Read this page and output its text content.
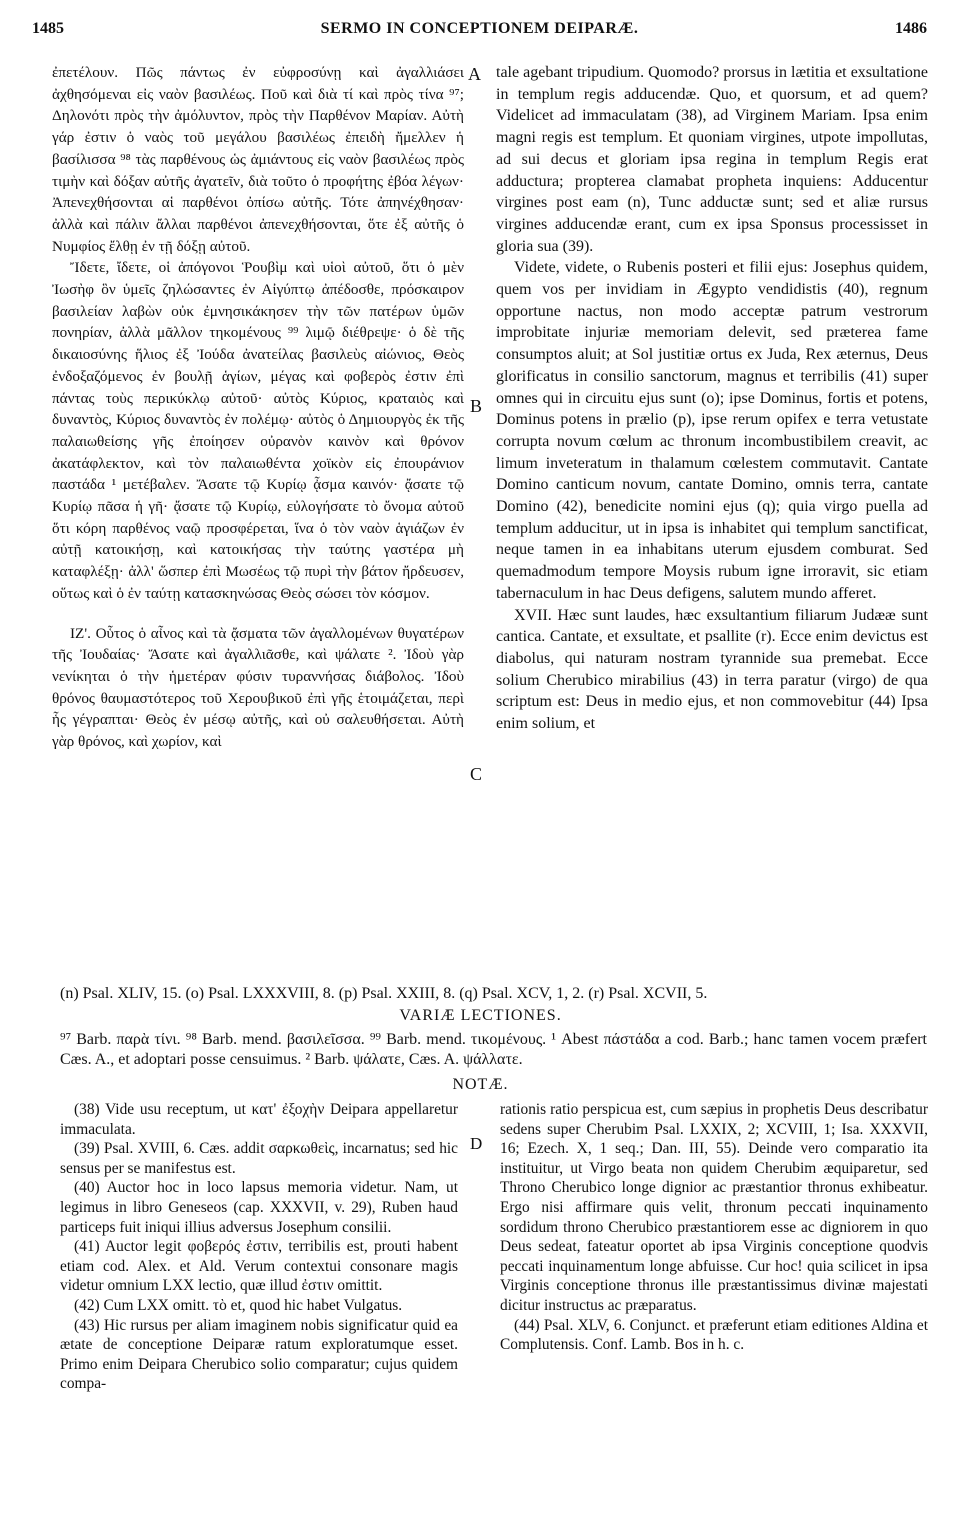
1485	SERMO IN CONCEPTIONEM DEIPARÆ.	1486

ἐπετέλουν. Πῶς πάντως ἐν εὐφροσύνῃ καὶ ἀγαλλιάσει ἀχθησόμεναι εἰς ναὸν βασιλέως. Ποῦ καὶ διὰ τί καὶ πρὸς τίνα ⁹⁷; Δηλονότι πρὸς τὴν ἀμόλυντον, πρὸς τὴν Παρθένον Μαρίαν. Αὐτὴ γάρ ἐστιν ὁ ναὸς τοῦ μεγάλου βασιλέως ἐπειδὴ ἤμελλεν ἡ βασίλισσα ⁹⁸ τὰς παρθένους ὡς ἀμιάντους εἰς ναὸν βασιλέως πρὸς τιμὴν καὶ δόξαν αὐτῆς ἀγατεῖν, διὰ τοῦτο ὁ προφήτης ἐβόα λέγων· Ἀπενεχθήσονται αἱ παρθένοι ὀπίσω αὐτῆς. Τότε ἀπηνέχθησαν· ἀλλὰ καὶ πάλιν ἄλλαι παρθένοι ἀπενεχθήσονται, ὅτε ἐξ αὐτῆς ὁ Νυμφίος ἔλθῃ ἐν τῇ δόξῃ αὐτοῦ.

Ἴδετε, ἴδετε, οἱ ἀπόγονοι Ῥουβὶμ καὶ υἱοὶ αὐτοῦ, ὅτι ὁ μὲν Ἰωσὴφ ὃν ὑμεῖς ζηλώσαντες ἐν Αἰγύπτῳ ἀπέδοσθε, πρόσκαιρον βασιλείαν λαβὼν οὐκ ἐμνησικάκησεν τὴν τῶν πατέρων ὑμῶν πονηρίαν, ἀλλὰ μᾶλλον τηκομένους ⁹⁹ λιμῷ διέθρεψε· ὁ δὲ τῆς δικαιοσύνης ἥλιος ἐξ Ἰούδα ἀνατείλας βασιλεὺς αἰώνιος, Θεὸς ἐνδοξαζόμενος ἐν βουλῇ ἁγίων, μέγας καὶ φοβερὸς ἐστιν ἐπὶ πάντας τοὺς περικύκλῳ αὐτοῦ· αὐτὸς Κύριος, κραταιὸς καὶ δυναντὸς, Κύριος δυναντὸς ἐν πολέμῳ· αὐτὸς ὁ Δημιουργὸς ἐκ τῆς παλαιωθείσης γῆς ἐποίησεν οὐρανὸν καινὸν καὶ θρόνον ἀκατάφλεκτον, καὶ τὸν παλαιωθέντα χοϊκὸν εἰς ἐπουράνιον παστάδα ¹ μετέβαλεν. Ἄσατε τῷ Κυρίῳ ᾆσμα καινόν· ᾄσατε τῷ Κυρίῳ πᾶσα ἡ γῆ· ᾄσατε τῷ Κυρίῳ, εὐλογήσατε τὸ ὄνομα αὐτοῦ ὅτι κόρη παρθένος ναῷ προσφέρεται, ἵνα ὁ τὸν ναὸν ἁγιάζων ἐν αὐτῇ κατοικήσῃ, καὶ κατοικήσας τὴν ταύτης γαστέρα μὴ καταφλέξῃ· ἀλλ' ὥσπερ ἐπὶ Μωσέως τῷ πυρὶ τὴν βάτον ἤρδευσεν, οὕτως καὶ ὁ ἐν ταύτῃ κατασκηνώσας Θεὸς σώσει τὸν κόσμον.

ΙΖ'. Οὗτος ὁ αἶνος καὶ τὰ ᾄσματα τῶν ἀγαλλομένων θυγατέρων τῆς Ἰουδαίας· Ἄσατε καὶ ἀγαλλιᾶσθε, καὶ ψάλατε ². Ἰδοὺ γὰρ νενίκηται ὁ τὴν ἡμετέραν φύσιν τυραννήσας διάβολος. Ἰδοὺ θρόνος θαυμαστότερος τοῦ Χερουβικοῦ ἐπὶ γῆς ἑτοιμάζεται, περὶ ἧς γέγραπται· Θεὸς ἐν μέσῳ αὐτῆς, καὶ οὐ σαλευθήσεται. Αὐτὴ γὰρ θρόνος, καὶ χωρίον, καὶ

A
B
C

tale agebant tripudium. Quomodo? prorsus in lætitia et exsultatione in templum regis adducendæ. Quo, et quorsum, et ad quem? Videlicet ad immaculatam (38), ad Virginem Mariam. Ipsa enim magni regis est templum. Et quoniam virgines, utpote impollutas, ad sui decus et gloriam ipsa regina in templum Regis erat adductura; propterea clamabat propheta inquiens: Adducentur virgines post eam (n), Tunc adductæ sunt; sed et aliæ rursus virgines adducendæ erant, cum ex ipsa Sponsus processisset in gloria sua (39).

Videte, videte, o Rubenis posteri et filii ejus: Josephus quidem, quem vos per invidiam in Ægypto vendidistis (40), regnum opportune nactus, non modo acceptæ patrum vestrorum improbitate injuriæ memoriam delevit, sed præterea fame consumptos aluit; at Sol justitiæ ortus ex Juda, Rex æternus, Deus glorificatus in consilio sanctorum, magnus et terribilis (41) super omnes qui in circuitu ejus sunt (o); ipse Dominus, fortis et potens, Dominus potens in prælio (p), ipse rerum opifex e terra vetustate corrupta novum cœlum ac thronum incombustibilem creavit, ac limum inveteratum in thalamum cœlestem commutavit. Cantate Domino canticum novum, cantate Domino, omnis terra, cantate Domino (42), benedicite nomini ejus (q); quia virgo puella ad templum adducitur, ut in ipsa is inhabitet qui templum sanctificat, neque tamen in ea inhabitans uterum ejusdem comburat. Sed quemadmodum tempore Moysis rubum igne irroravit, sic etiam tabernaculum in hac Deus defigens, salutem mundo afferet.

XVII. Hæc sunt laudes, hæc exsultantium filiarum Judææ sunt cantica. Cantate, et exsultate, et psallite (r). Ecce enim devictus est diabolus, qui naturam nostram tyrannide sua premebat. Ecce solium Cherubico mirabilius (43) in terra paratur (virgo) de qua scriptum est: Deus in medio ejus, et non commovebitur (44) Ipsa enim solium, et

(n) Psal. XLIV, 15. (o) Psal. LXXXVIII, 8. (p) Psal. XXIII, 8. (q) Psal. XCV, 1, 2. (r) Psal. XCVII, 5.
VARIÆ LECTIONES.
⁹⁷ Barb. παρὰ τίνι. ⁹⁸ Barb. mend. βασιλεῖσσα. ⁹⁹ Barb. mend. τικομένους. ¹ Abest πάστάδα a cod. Barb.; hanc tamen vocem præfert Cæs. A., et adoptari posse censuimus. ² Barb. ψάλατε, Cæs. A. ψάλλατε.
NOTÆ.
D

(38) Vide usu receptum, ut κατ' ἐξοχὴν Deipara appellaretur immaculata.

(39) Psal. XVIII, 6. Cæs. addit σαρκωθεὶς, incarnatus; sed hic sensus per se manifestus est.

(40) Auctor hoc in loco lapsus memoria videtur. Nam, ut legimus in libro Geneseos (cap. XXXVII, v. 29), Ruben haud particeps fuit iniqui illius adversus Josephum consilii.

(41) Auctor legit φοβερός ἐστιν, terribilis est, prouti habent etiam cod. Alex. et Ald. Verum contextui consonare magis videtur omnium LXX lectio, quæ illud ἐστιν omittit.

(42) Cum LXX omitt. τὸ et, quod hic habet Vulgatus.

(43) Hic rursus per aliam imaginem nobis significatur quid ea ætate de conceptione Deiparæ ratum exploratumque esset. Primo enim Deipara Cherubico solio comparatur; cujus quidem compa-

rationis ratio perspicua est, cum sæpius in prophetis Deus describatur sedens super Cherubim Psal. LXXIX, 2; XCVIII, 1; Isa. XXXVII, 16; Ezech. X, 1 seq.; Dan. III, 55). Deinde vero comparatio ita instituitur, ut Virgo beata non quidem Cherubim æquiparetur, sed Throno Cherubico longe dignior ac præstantior thronus exhibeatur. Ergo nisi affirmare quis velit, thronum peccati inquinamento sordidum throno Cherubico præstantiorem esse ac digniorem in quo Deus sedeat, fateatur oportet ab ipsa Virginis conceptione quodvis peccati inquinamentum longe abfuisse. Cur hoc! quia scilicet in ipsa Virginis conceptione thronus ille præstantissimus divinæ majestati dicitur instructus ac præparatus.

(44) Psal. XLV, 6. Conjunct. et præferunt etiam editiones Aldina et Complutensis. Conf. Lamb. Bos in h. c.
